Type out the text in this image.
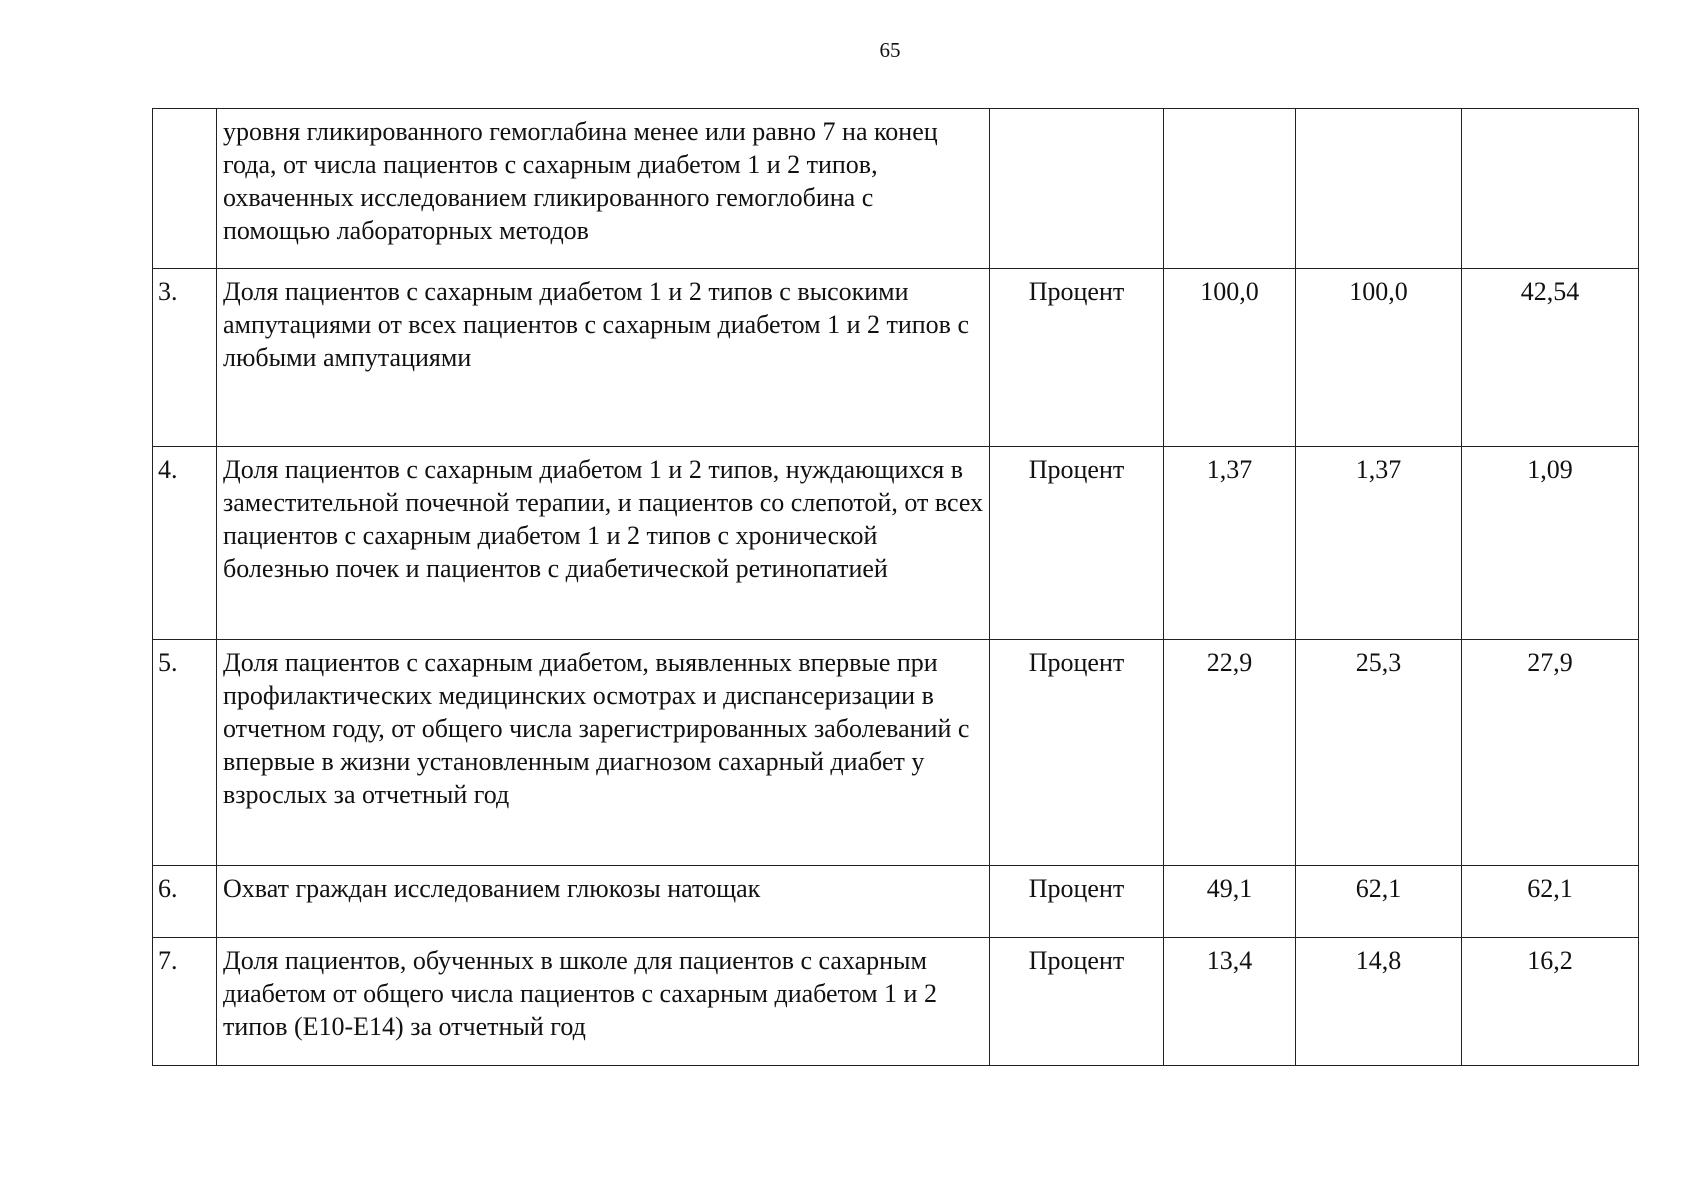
65
	уровня гликированного гемоглабина менее или равно 7 на конец года, от числа пациентов с сахарным диабетом 1 и 2 типов, охваченных исследованием гликированного гемоглобина с помощью лабораторных методов				
3.	Доля пациентов с сахарным диабетом 1 и 2 типов с высокими ампутациями от всех пациентов с сахарным диабетом 1 и 2 типов с любыми ампутациями	Процент	100,0	100,0	42,54
4.	Доля пациентов с сахарным диабетом 1 и 2 типов, нуждающихся в заместительной почечной терапии, и пациентов со слепотой, от всех пациентов с сахарным диабетом 1 и 2 типов с хронической болезнью почек и пациентов с диабетической ретинопатией	Процент	1,37	1,37	1,09
5.	Доля пациентов с сахарным диабетом, выявленных впервые при профилактических медицинских осмотрах и диспансеризации в отчетном году, от общего числа зарегистрированных заболеваний с впервые в жизни установленным диагнозом сахарный диабет у взрослых за отчетный год	Процент	22,9	25,3	27,9
6.	Охват граждан исследованием глюкозы натощак	Процент	49,1	62,1	62,1
7.	Доля пациентов, обученных в школе для пациентов с сахарным диабетом от общего числа пациентов с сахарным диабетом 1 и 2 типов (Е10-Е14) за отчетный год	Процент	13,4	14,8	16,2
